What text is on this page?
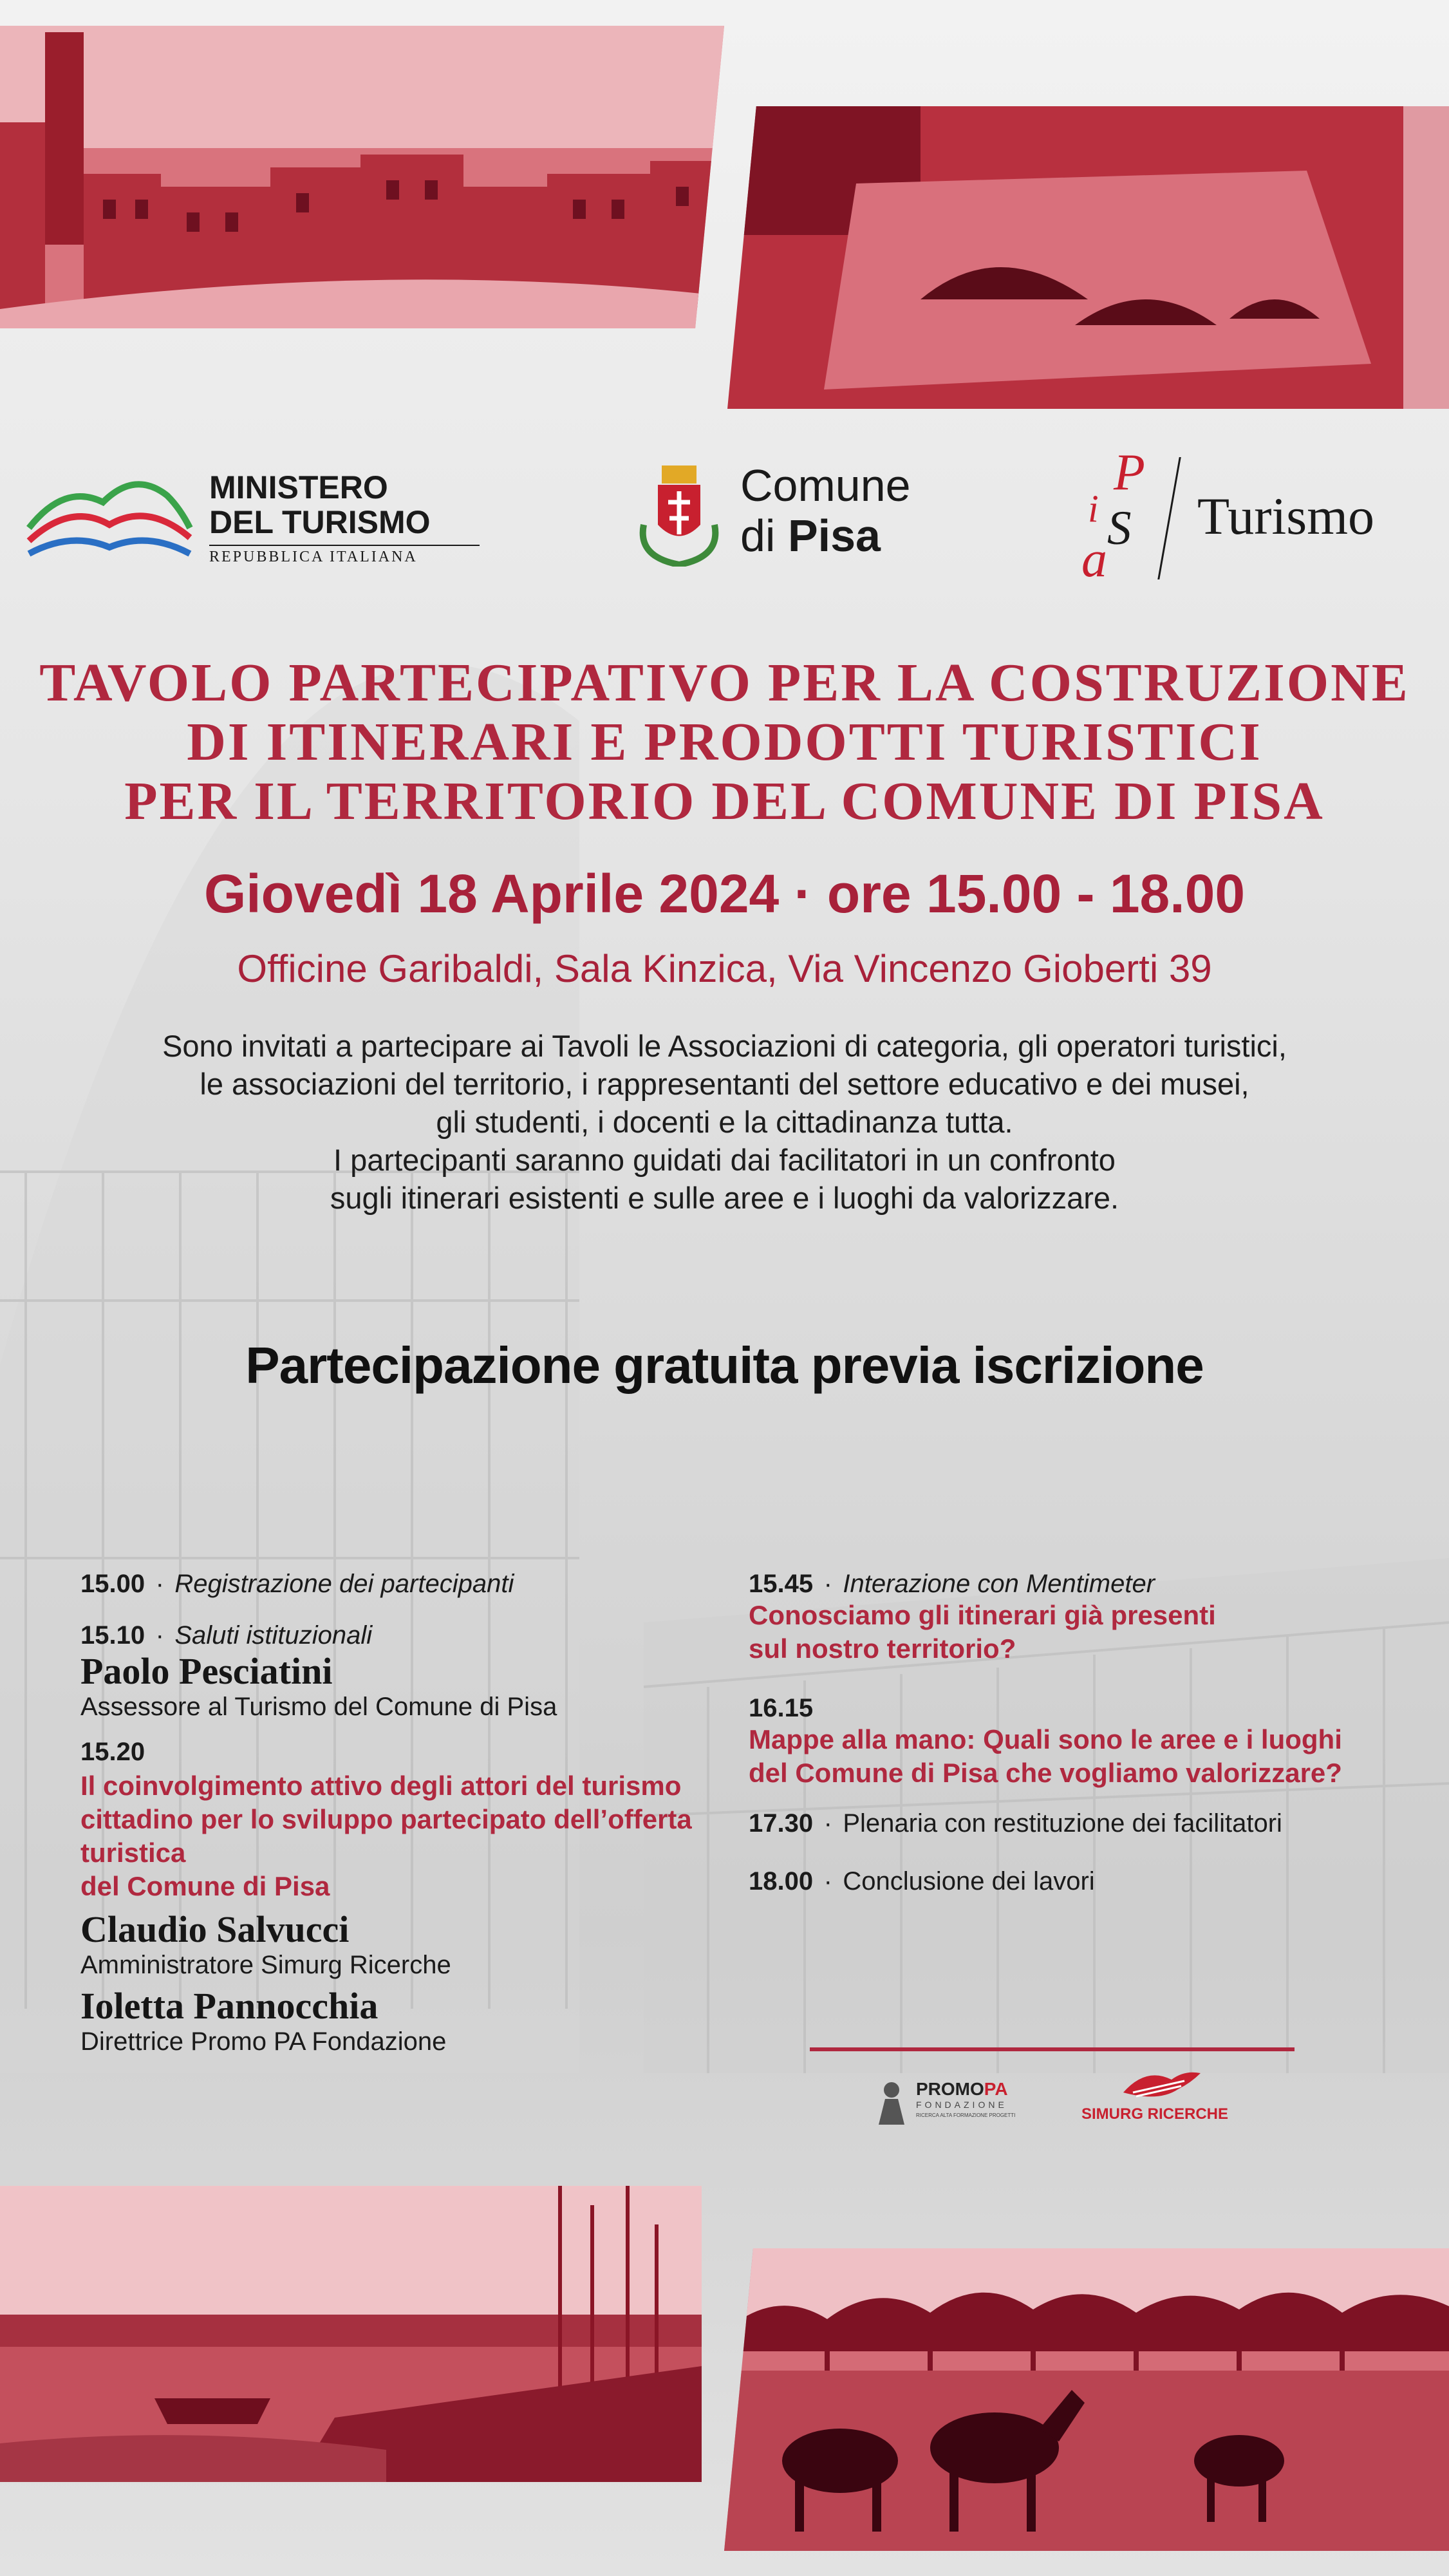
MINISTERO
DEL TURISMO
REPUBBLICA ITALIANA
Comune
di Pisa
P
i S
a
Turismo
TAVOLO PARTECIPATIVO PER LA COSTRUZIONE
DI ITINERARI E PRODOTTI TURISTICI
PER IL TERRITORIO DEL COMUNE DI PISA
Giovedì 18 Aprile 2024 · ore 15.00 - 18.00
Officine Garibaldi, Sala Kinzica, Via Vincenzo Gioberti 39
Sono invitati a partecipare ai Tavoli le Associazioni di categoria, gli operatori turistici,
le associazioni del territorio, i rappresentanti del settore educativo e dei musei,
gli studenti, i docenti e la cittadinanza tutta.
I partecipanti saranno guidati dai facilitatori in un confronto
sugli itinerari esistenti e sulle aree e i luoghi da valorizzare.
Partecipazione gratuita previa iscrizione
15.00 · Registrazione dei partecipanti
15.10 · Saluti istituzionali
Paolo Pesciatini
Assessore al Turismo del Comune di Pisa
15.20
Il coinvolgimento attivo degli attori del turismo
cittadino per lo sviluppo partecipato dell’offerta
turistica
del Comune di Pisa
Claudio Salvucci
Amministratore Simurg Ricerche
Ioletta Pannocchia
Direttrice Promo PA Fondazione
15.45 · Interazione con Mentimeter
Conosciamo gli itinerari già presenti
sul nostro territorio?
16.15
Mappe alla mano: Quali sono le aree e i luoghi
del Comune di Pisa che vogliamo valorizzare?
17.30 · Plenaria con restituzione dei facilitatori
18.00 · Conclusione dei lavori
PROMOPA
FONDAZIONE
RICERCA ALTA FORMAZIONE PROGETTI	SIMURG RICERCHE
